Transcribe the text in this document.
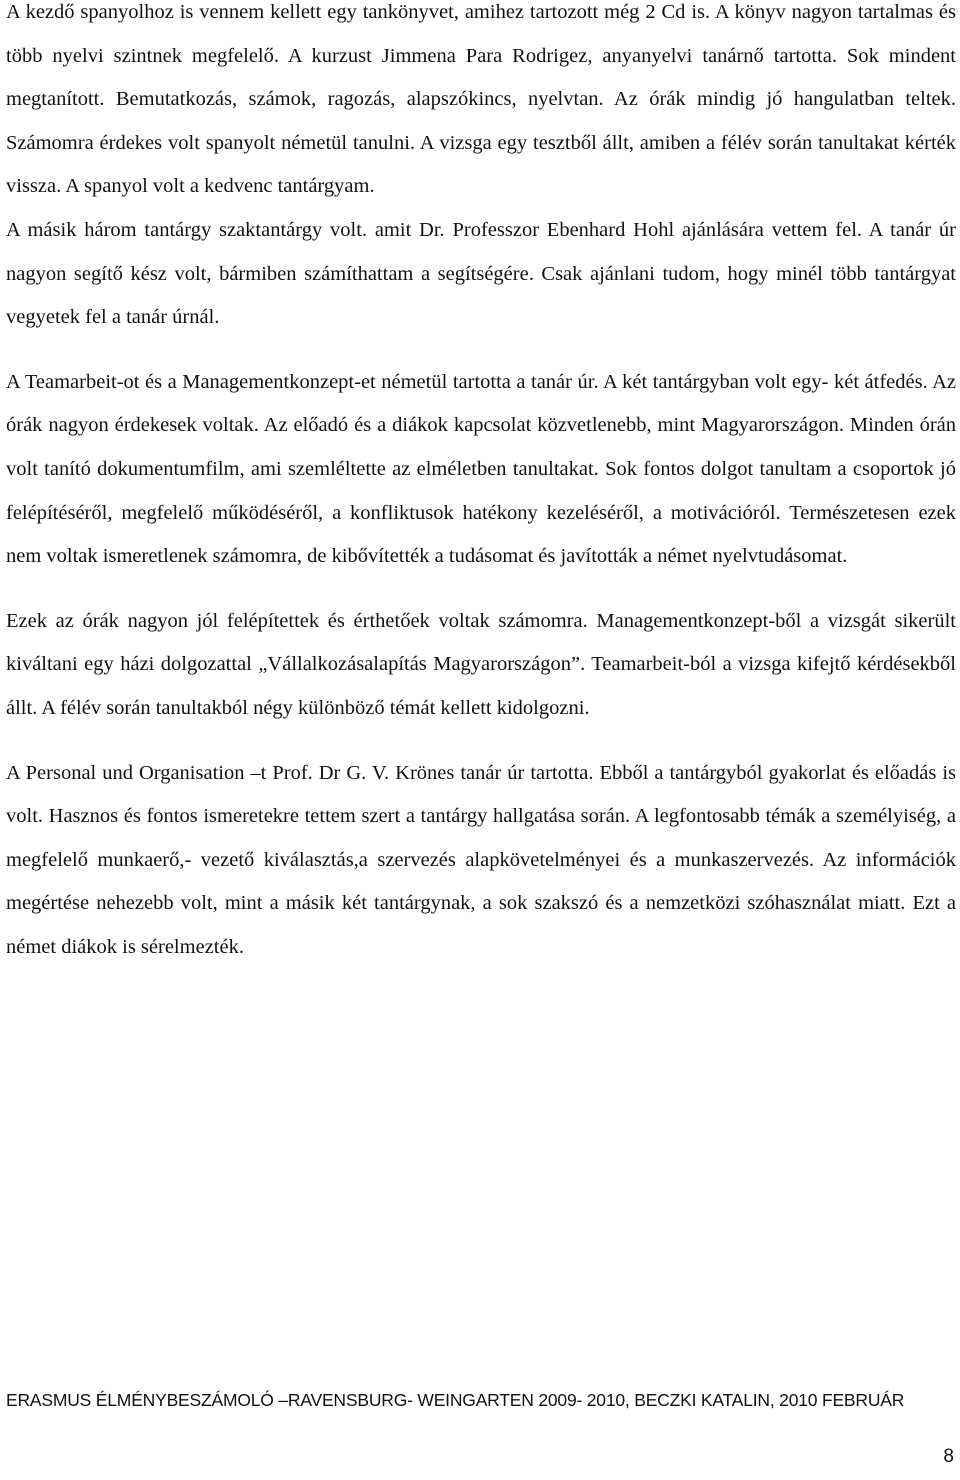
A kezdő spanyolhoz is vennem kellett egy tankönyvet, amihez tartozott még 2 Cd is. A könyv nagyon tartalmas és több nyelvi szintnek megfelelő. A kurzust Jimmena Para Rodrigez, anyanyelvi tanárnő tartotta. Sok mindent megtanított. Bemutatkozás, számok, ragozás, alapszókincs, nyelvtan. Az órák mindig jó hangulatban teltek. Számomra érdekes volt spanyolt németül tanulni. A vizsga egy tesztből állt, amiben a félév során tanultakat kérték vissza. A spanyol volt a kedvenc tantárgyam.

A másik három tantárgy szaktantárgy volt. amit Dr. Professzor Ebenhard Hohl ajánlására vettem fel. A tanár úr nagyon segítő kész volt, bármiben számíthattam a segítségére. Csak ajánlani tudom, hogy minél több tantárgyat vegyetek fel a tanár úrnál.

A Teamarbeit-ot és a Managementkonzept-et németül tartotta a tanár úr. A két tantárgyban volt egy- két átfedés. Az órák nagyon érdekesek voltak. Az előadó és a diákok kapcsolat közvetlenebb, mint Magyarországon. Minden órán volt tanító dokumentumfilm, ami szemléltette az elméletben tanultakat. Sok fontos dolgot tanultam a csoportok jó felépítéséről, megfelelő működéséről, a konfliktusok hatékony kezeléséről, a motivációról. Természetesen ezek nem voltak ismeretlenek számomra, de kibővítették a tudásomat és javították a német nyelvtudásomat.

Ezek az órák nagyon jól felépítettek és érthetőek voltak számomra. Managementkonzept-ből a vizsgát sikerült kiváltani egy házi dolgozattal „Vállalkozásalapítás Magyarországon”. Teamarbeit-ból a vizsga kifejtő kérdésekből állt. A félév során tanultakból négy különböző témát kellett kidolgozni.

A Personal und Organisation –t Prof. Dr G. V. Krönes tanár úr tartotta. Ebből a tantárgyból gyakorlat és előadás is volt. Hasznos és fontos ismeretekre tettem szert a tantárgy hallgatása során. A legfontosabb témák a személyiség, a megfelelő munkaerő,- vezető kiválasztás,a szervezés alapkövetelményei és a munkaszervezés. Az információk megértése nehezebb volt, mint a másik két tantárgynak, a sok szakszó és a nemzetközi szóhasználat miatt. Ezt a német diákok is sérelmezték.

ERASMUS ÉLMÉNYBESZÁMOLÓ –RAVENSBURG- WEINGARTEN 2009- 2010, BECZKI KATALIN, 2010 FEBRUÁR
8
